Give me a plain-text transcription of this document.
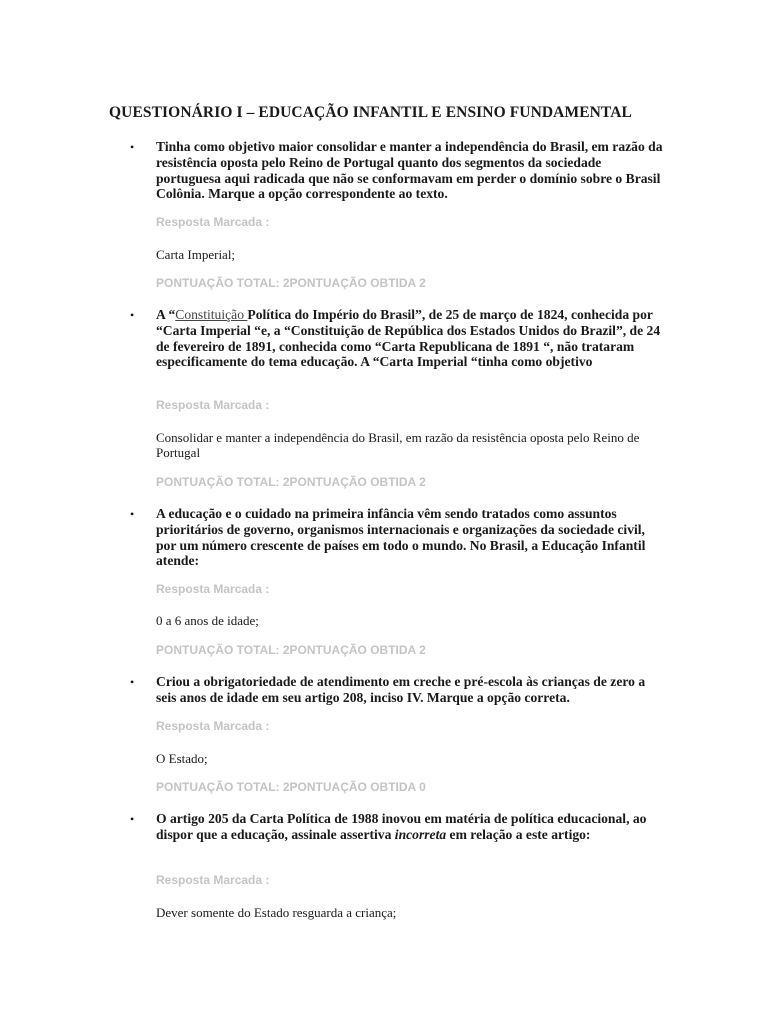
QUESTIONÁRIO I – EDUCAÇÃO INFANTIL E ENSINO FUNDAMENTAL
• Tinha como objetivo maior consolidar e manter a independência do Brasil, em razão da resistência oposta pelo Reino de Portugal quanto dos segmentos da sociedade portuguesa aqui radicada que não se conformavam em perder o domínio sobre o Brasil Colônia. Marque a opção correspondente ao texto.
Resposta Marcada :
Carta Imperial;
PONTUAÇÃO TOTAL: 2PONTUAÇÃO OBTIDA 2
• A “Constituição Política do Império do Brasil”, de 25 de março de 1824, conhecida por “Carta Imperial “e, a “Constituição de República dos Estados Unidos do Brazil”, de 24 de fevereiro de 1891, conhecida como “Carta Republicana de 1891 “, não trataram especificamente do tema educação. A “Carta Imperial “tinha como objetivo
Resposta Marcada :
Consolidar e manter a independência do Brasil, em razão da resistência oposta pelo Reino de Portugal
PONTUAÇÃO TOTAL: 2PONTUAÇÃO OBTIDA 2
• A educação e o cuidado na primeira infância vêm sendo tratados como assuntos prioritários de governo, organismos internacionais e organizações da sociedade civil, por um número crescente de países em todo o mundo. No Brasil, a Educação Infantil atende:
Resposta Marcada :
0 a 6 anos de idade;
PONTUAÇÃO TOTAL: 2PONTUAÇÃO OBTIDA 2
• Criou a obrigatoriedade de atendimento em creche e pré-escola às crianças de zero a seis anos de idade em seu artigo 208, inciso IV. Marque a opção correta.
Resposta Marcada :
O Estado;
PONTUAÇÃO TOTAL: 2PONTUAÇÃO OBTIDA 0
• O artigo 205 da Carta Política de 1988 inovou em matéria de política educacional, ao dispor que a educação, assinale assertiva incorreta em relação a este artigo:
Resposta Marcada :
Dever somente do Estado resguarda a criança;
